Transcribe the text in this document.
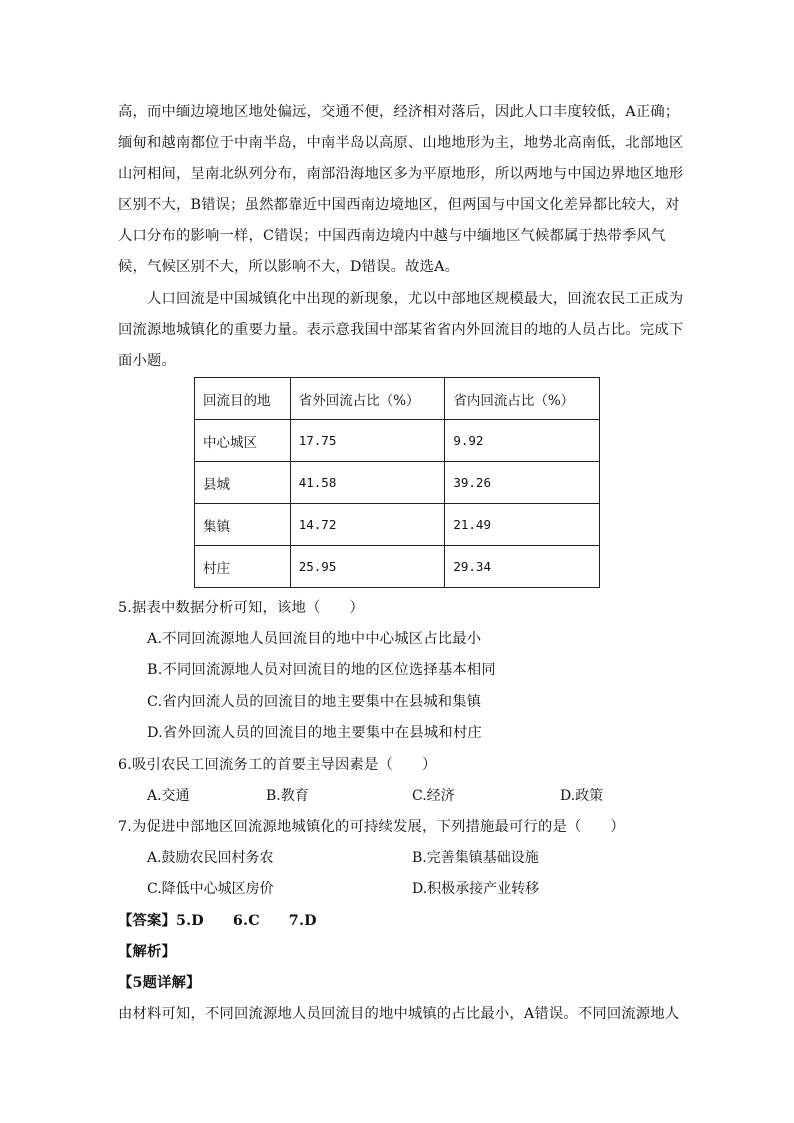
高，而中缅边境地区地处偏远，交通不便，经济相对落后，因此人口丰度较低，A正确；
缅甸和越南都位于中南半岛，中南半岛以高原、山地地形为主，地势北高南低，北部地区
山河相间，呈南北纵列分布，南部沿海地区多为平原地形，所以两地与中国边界地区地形
区别不大，B错误；虽然都靠近中国西南边境地区，但两国与中国文化差异都比较大，对
人口分布的影响一样，C错误；中国西南边境内中越与中缅地区气候都属于热带季风气
候，气候区别不大，所以影响不大，D错误。故选A。
人口回流是中国城镇化中出现的新现象，尤以中部地区规模最大，回流农民工正成为
回流源地城镇化的重要力量。表示意我国中部某省省内外回流目的地的人员占比。完成下
面小题。
回流目的地	省外回流占比（%）	省内回流占比（%）
中心城区	17.75	9.92
县城	41.58	39.26
集镇	14.72	21.49
村庄	25.95	29.34
5.据表中数据分析可知，该地（　　）
A.不同回流源地人员回流目的地中中心城区占比最小
B.不同回流源地人员对回流目的地的区位选择基本相同
C.省内回流人员的回流目的地主要集中在县城和集镇
D.省外回流人员的回流目的地主要集中在县城和村庄
6.吸引农民工回流务工的首要主导因素是（　　）
A.交通	B.教育	C.经济	D.政策
7.为促进中部地区回流源地城镇化的可持续发展，下列措施最可行的是（　　）
A.鼓励农民回村务农	B.完善集镇基础设施
C.降低中心城区房价	D.积极承接产业转移
【答案】5.D　　6.C　　7.D
【解析】
【5题详解】
由材料可知，不同回流源地人员回流目的地中城镇的占比最小，A错误。不同回流源地人
